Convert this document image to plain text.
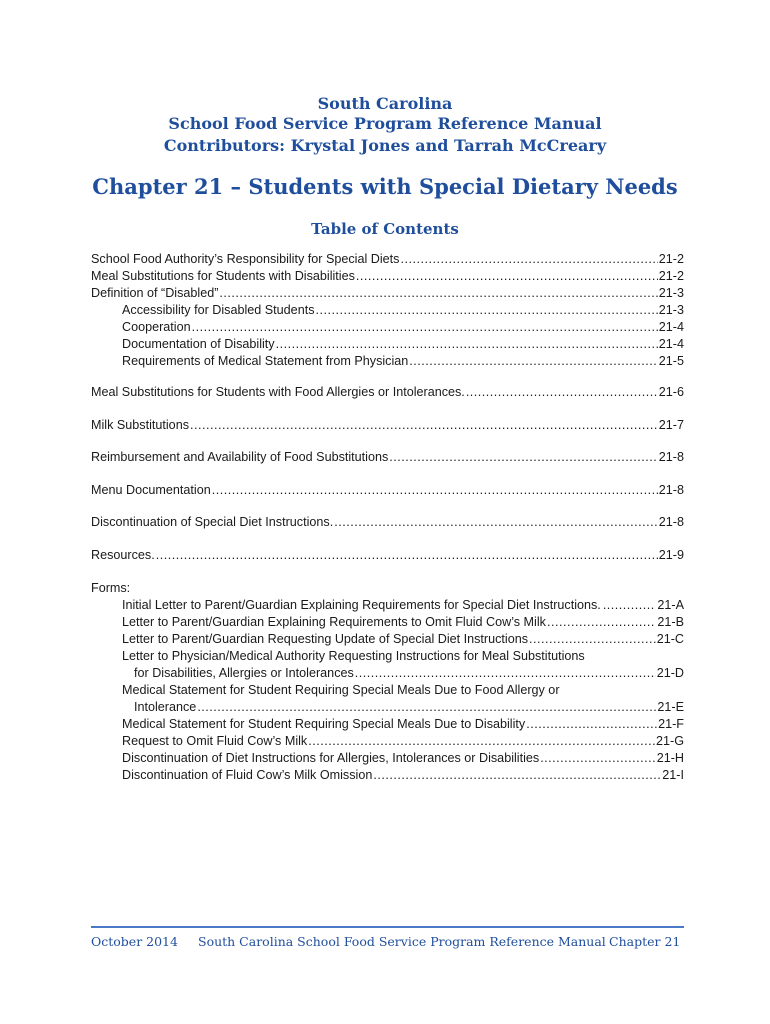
South Carolina
School Food Service Program Reference Manual
Contributors: Krystal Jones and Tarrah McCreary
Chapter 21 – Students with Special Dietary Needs
Table of Contents
School Food Authority’s Responsibility for Special Diets .....	21-2
Meal Substitutions for Students with Disabilities .....	21-2
Definition of “Disabled” .....	21-3
Accessibility for Disabled Students .....	21-3
Cooperation .....	21-4
Documentation of Disability .....	21-4
Requirements of Medical Statement from Physician .....	21-5
Meal Substitutions for Students with Food Allergies or Intolerances. .....	21-6
Milk Substitutions .....	21-7
Reimbursement and Availability of Food Substitutions .....	21-8
Menu Documentation .....	21-8
Discontinuation of Special Diet Instructions. .....	21-8
Resources. .....	21-9
Forms:
Initial Letter to Parent/Guardian Explaining Requirements for Special Diet Instructions. .....	21-A
Letter to Parent/Guardian Explaining Requirements to Omit Fluid Cow’s Milk .....	21-B
Letter to Parent/Guardian Requesting Update of Special Diet Instructions .....	21-C
Letter to Physician/Medical Authority Requesting Instructions for Meal Substitutions
for Disabilities, Allergies or Intolerances .....	21-D
Medical Statement for Student Requiring Special Meals Due to Food Allergy or
Intolerance .....	21-E
Medical Statement for Student Requiring Special Meals Due to Disability .....	21-F
Request to Omit Fluid Cow’s Milk .....	21-G
Discontinuation of Diet Instructions for Allergies, Intolerances or Disabilities .....	21-H
Discontinuation of Fluid Cow’s Milk Omission .....	21-I
October 2014 South Carolina School Food Service Program Reference Manual Chapter 21
